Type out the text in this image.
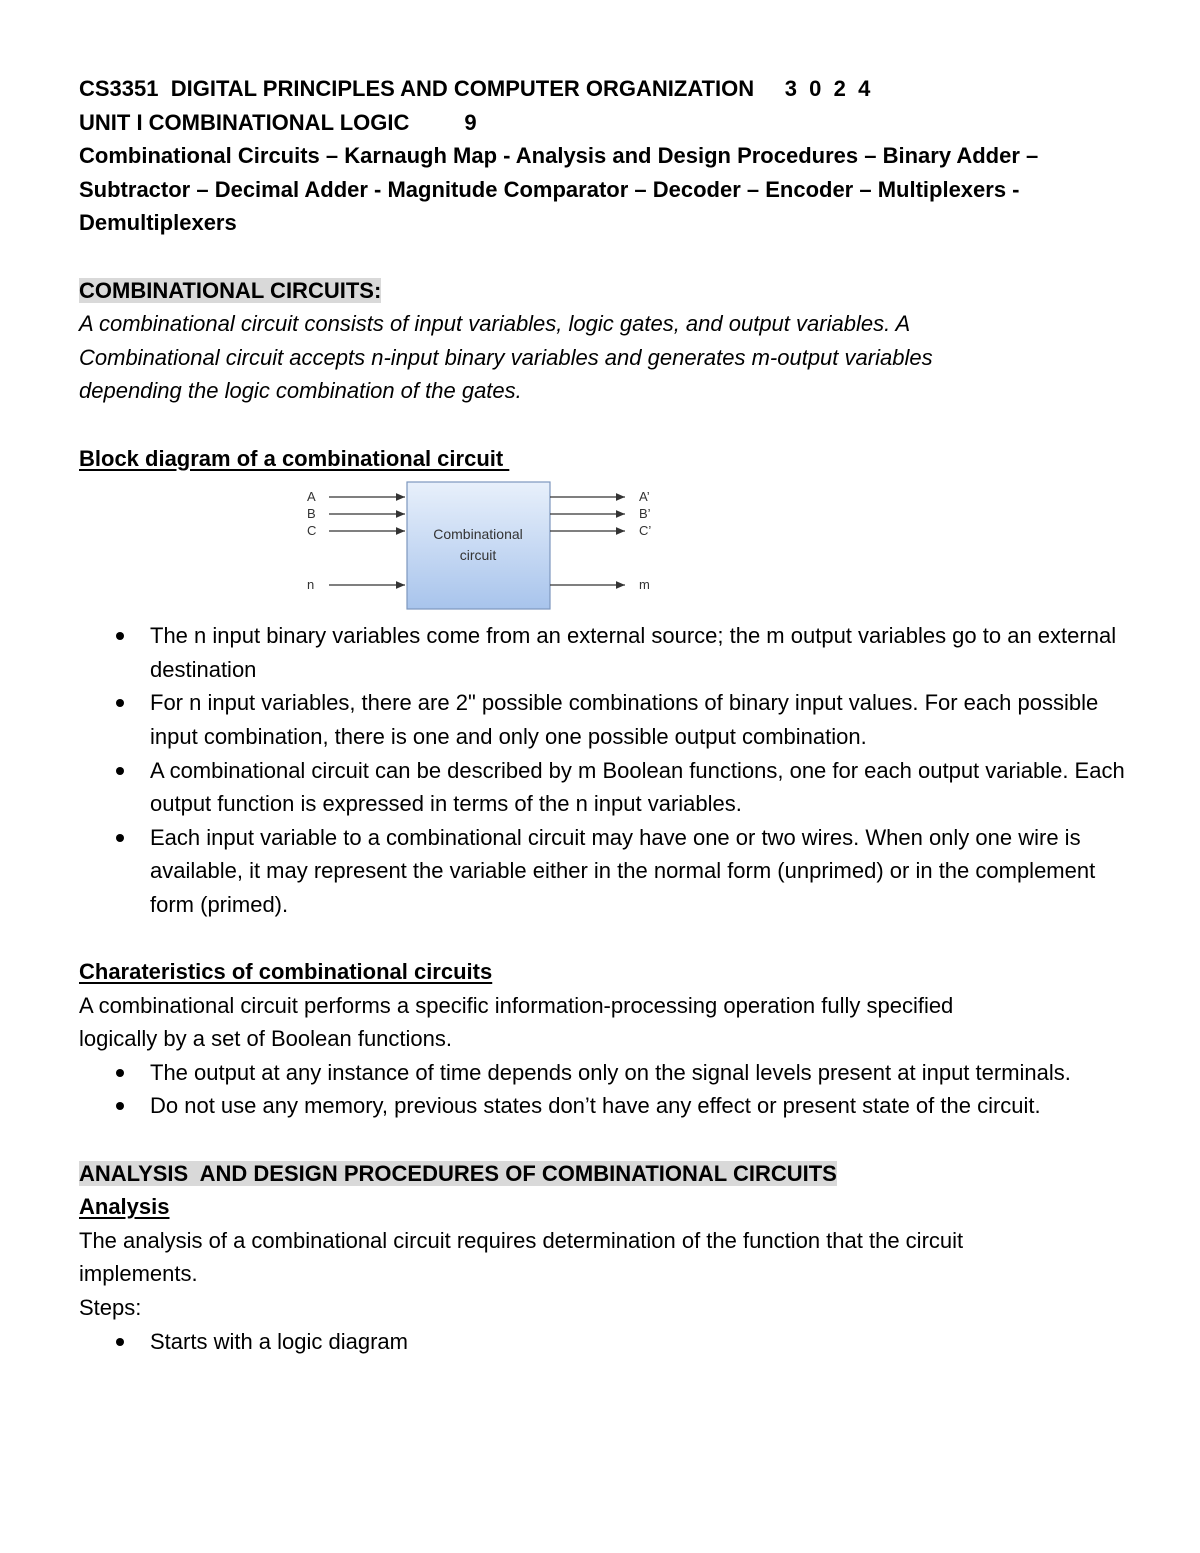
CS3351  DIGITAL PRINCIPLES AND COMPUTER ORGANIZATION     3  0  2  4
UNIT I COMBINATIONAL LOGIC         9
Combinational Circuits – Karnaugh Map - Analysis and Design Procedures – Binary Adder –
Subtractor – Decimal Adder - Magnitude Comparator – Decoder – Encoder – Multiplexers -
Demultiplexers
COMBINATIONAL CIRCUITS:
A combinational circuit consists of input variables, logic gates, and output variables. A
Combinational circuit accepts n-input binary variables and generates m-output variables
depending the logic combination of the gates.
Block diagram of a combinational circuit
A
B
C
n
Combinational
circuit
A’
B’
C’
m
The n input binary variables come from an external source; the m output variables go to an external destination
For n input variables, there are 2" possible combinations of binary input values. For each possible input combination, there is one and only one possible output combination.
A combinational circuit can be described by m Boolean functions, one for each output variable. Each output function is expressed in terms of the n input variables.
Each input variable to a combinational circuit may have one or two wires. When only one wire is available, it may represent the variable either in the normal form (unprimed) or in the complement form (primed).
Charateristics of combinational circuits
A combinational circuit performs a specific information-processing operation fully specified
logically by a set of Boolean functions.
The output at any instance of time depends only on the signal levels present at input terminals.
Do not use any memory, previous states don’t have any effect or present state of the circuit.
ANALYSIS  AND DESIGN PROCEDURES OF COMBINATIONAL CIRCUITS
Analysis
The analysis of a combinational circuit requires determination of the function that the circuit
implements.
Steps:
Starts with a logic diagram
